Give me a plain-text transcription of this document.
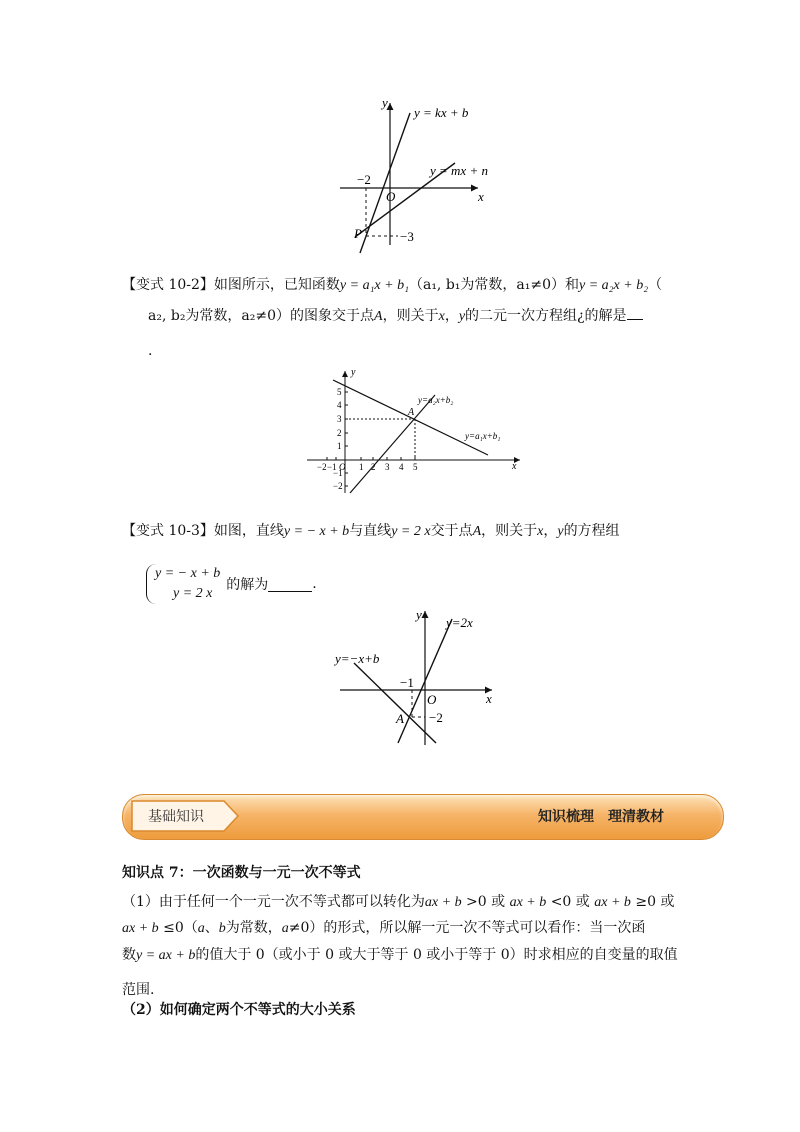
y = kx + b
y = mx + n
x
y
O
−2
−3
P
【变式 10-2】如图所示，已知函数y = a₁x + b₁（a₁, b₁为常数，a₁≠0）和y = a₂x + b₂（
a₂, b₂为常数，a₂≠0）的图象交于点A，则关于x，y的二元一次方程组¿的解是
.
y=a₂x+b₂
y=a₁x+b₁
A
O	x
y
−2 −1 1 2 3 4 5
5
4
3
2
1
−1
−2
【变式 10-3】如图，直线y = − x + b与直线y = 2 x交于点A，则关于x，y的方程组
y = − x + b
y = 2 x
的解为	.
y=2x
y=−x+b
x
y
O
−1
−2
A
基础知识	知识梳理　理清教材
知识点 7：一次函数与一元一次不等式
（1）由于任何一个一元一次不等式都可以转化为ax + b >0 或 ax + b <0 或 ax + b ≥0 或
ax + b ≤0（a、b为常数，a≠0）的形式，所以解一元一次不等式可以看作：当一次函
数y = ax + b的值大于 0（或小于 0 或大于等于 0 或小于等于 0）时求相应的自变量的取值
范围.
（2）如何确定两个不等式的大小关系
